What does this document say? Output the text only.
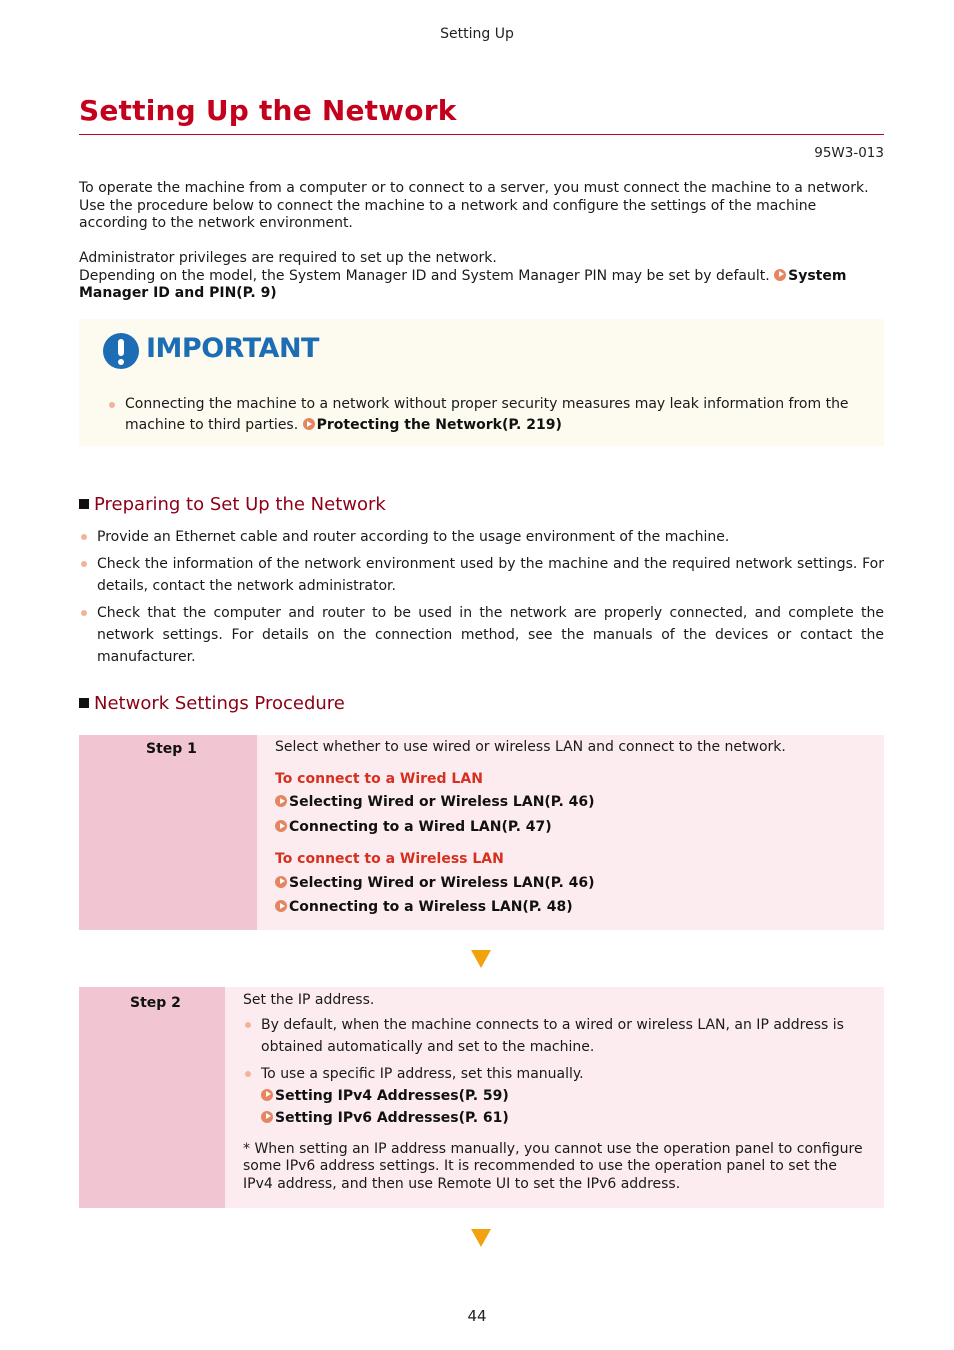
Setting Up
Setting Up the Network
95W3-013
To operate the machine from a computer or to connect to a server, you must connect the machine to a network.
Use the procedure below to connect the machine to a network and configure the settings of the machine according to the network environment.
Administrator privileges are required to set up the network.
Depending on the model, the System Manager ID and System Manager PIN may be set by default. System Manager ID and PIN(P. 9)
IMPORTANT
Connecting the machine to a network without proper security measures may leak information from the machine to third parties. Protecting the Network(P. 219)
Preparing to Set Up the Network
Provide an Ethernet cable and router according to the usage environment of the machine.
Check the information of the network environment used by the machine and the required network settings. For details, contact the network administrator.
Check that the computer and router to be used in the network are properly connected, and complete the network settings. For details on the connection method, see the manuals of the devices or contact the manufacturer.
Network Settings Procedure
Step 1	Select whether to use wired or wireless LAN and connect to the network.
To connect to a Wired LAN
Selecting Wired or Wireless LAN(P. 46)
Connecting to a Wired LAN(P. 47)
To connect to a Wireless LAN
Selecting Wired or Wireless LAN(P. 46)
Connecting to a Wireless LAN(P. 48)
Step 2	Set the IP address.
By default, when the machine connects to a wired or wireless LAN, an IP address is obtained automatically and set to the machine.
To use a specific IP address, set this manually.
Setting IPv4 Addresses(P. 59)
Setting IPv6 Addresses(P. 61)
* When setting an IP address manually, you cannot use the operation panel to configure some IPv6 address settings. It is recommended to use the operation panel to set the IPv4 address, and then use Remote UI to set the IPv6 address.
44
